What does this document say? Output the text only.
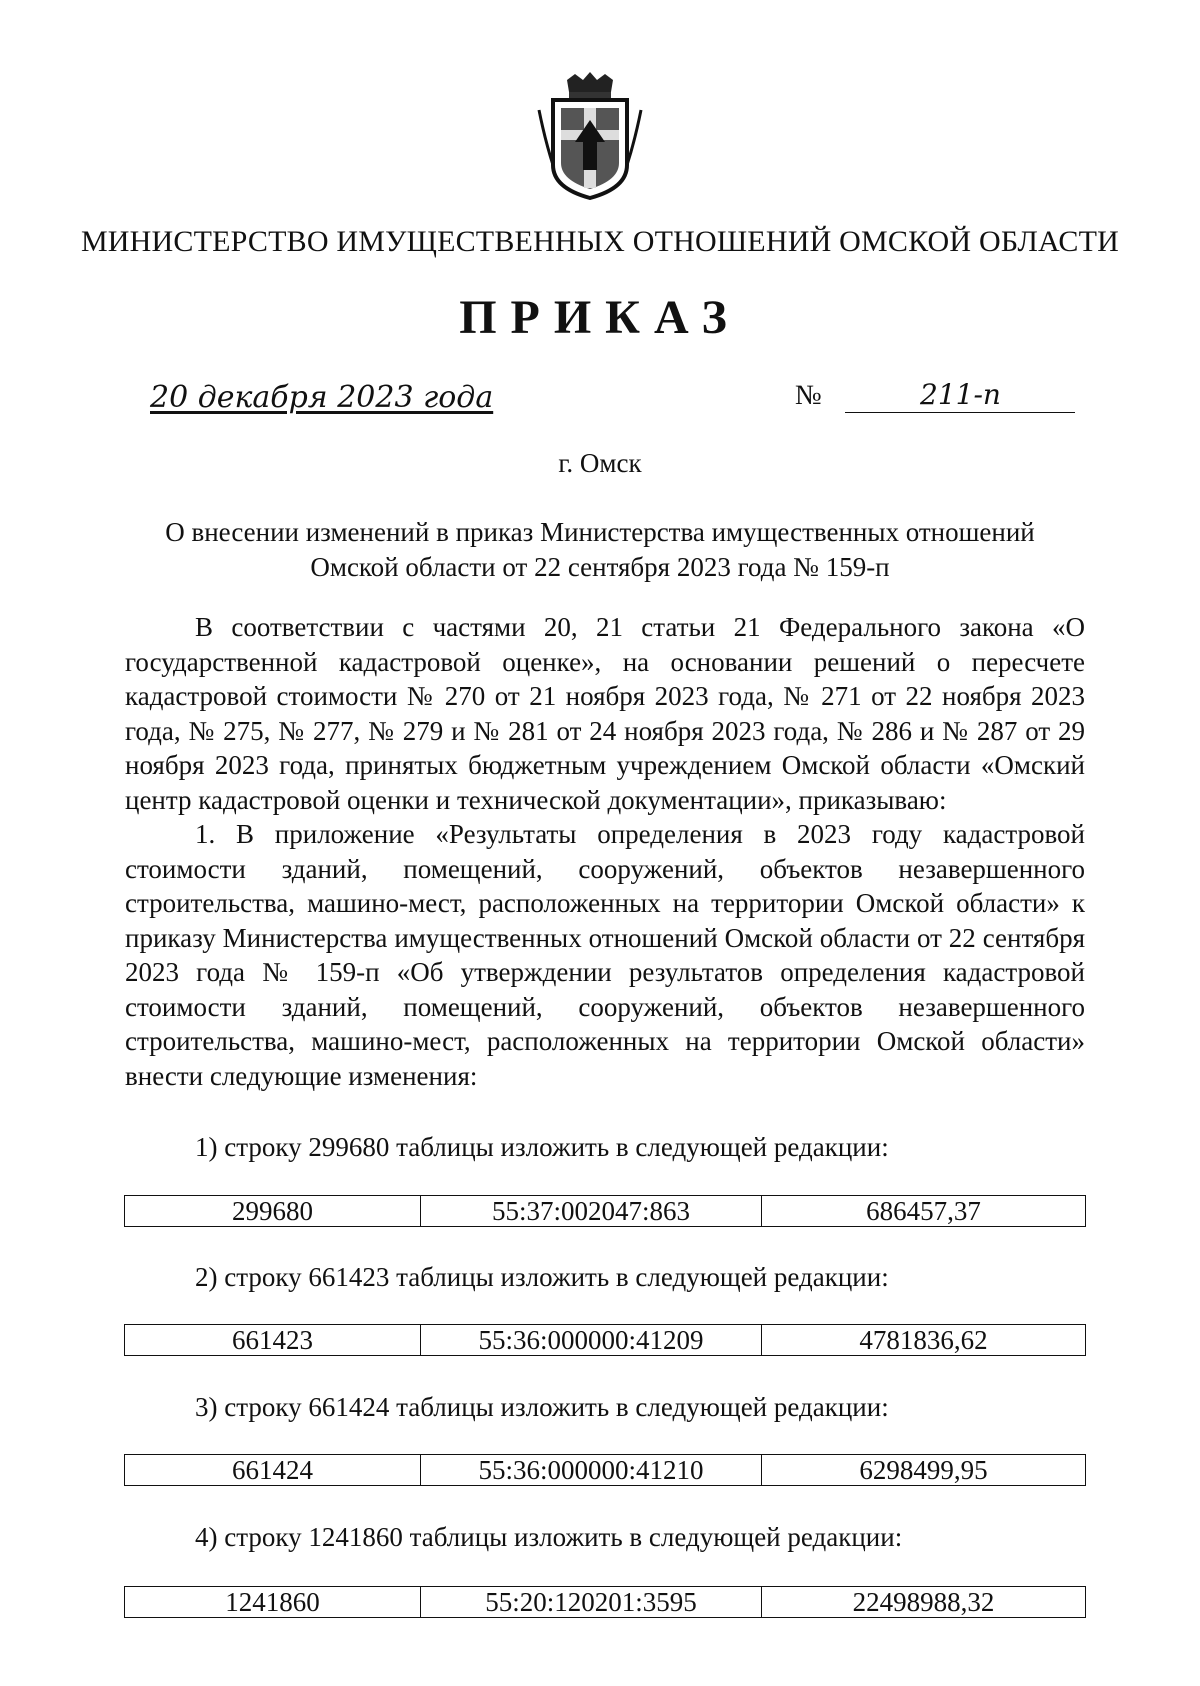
МИНИСТЕРСТВО ИМУЩЕСТВЕННЫХ ОТНОШЕНИЙ ОМСКОЙ ОБЛАСТИ
ПРИКАЗ
20 декабря 2023 года	№	211-п
г. Омск
О внесении изменений в приказ Министерства имущественных отношений
Омской области от 22 сентября 2023 года № 159-п

В соответствии с частями 20, 21 статьи 21 Федерального закона «О государственной кадастровой оценке», на основании решений о пересчете кадастровой стоимости № 270 от 21 ноября 2023 года, № 271 от 22 ноября 2023 года, № 275, № 277, № 279 и № 281 от 24 ноября 2023 года, № 286 и № 287 от 29 ноября 2023 года, принятых бюджетным учреждением Омской области «Омский центр кадастровой оценки и технической документации», приказываю:

1. В приложение «Результаты определения в 2023 году кадастровой стоимости зданий, помещений, сооружений, объектов незавершенного строительства, машино-мест, расположенных на территории Омской области» к приказу Министерства имущественных отношений Омской области от 22 сентября 2023 года № 159-п «Об утверждении результатов определения кадастровой стоимости зданий, помещений, сооружений, объектов незавершенного строительства, машино-мест, расположенных на территории Омской области» внести следующие изменения:

1) строку 299680 таблицы изложить в следующей редакции:
299680	55:37:002047:863	686457,37
2) строку 661423 таблицы изложить в следующей редакции:
661423	55:36:000000:41209	4781836,62
3) строку 661424 таблицы изложить в следующей редакции:
661424	55:36:000000:41210	6298499,95
4) строку 1241860 таблицы изложить в следующей редакции:
1241860	55:20:120201:3595	22498988,32
